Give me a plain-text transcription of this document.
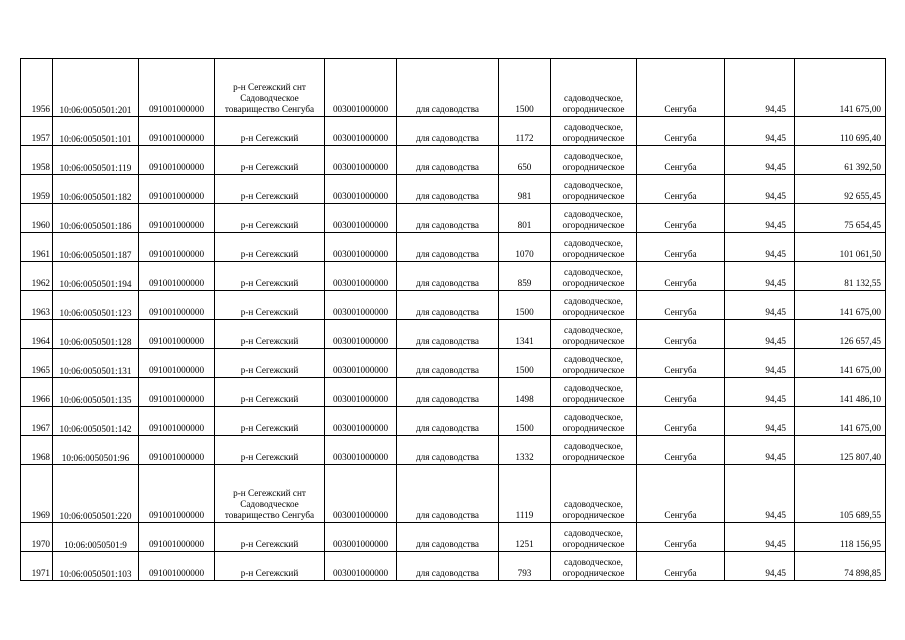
1956	10:06:0050501:201	091001000000	р-н Сегежский снт
Садоводческое
товарищество Сенгуба	003001000000	для садоводства	1500	садоводческое,
огородническое	Сенгуба	94,45	141 675,00
1957	10:06:0050501:101	091001000000	р-н Сегежский	003001000000	для садоводства	1172	садоводческое,
огородническое	Сенгуба	94,45	110 695,40
1958	10:06:0050501:119	091001000000	р-н Сегежский	003001000000	для садоводства	650	садоводческое,
огородническое	Сенгуба	94,45	61 392,50
1959	10:06:0050501:182	091001000000	р-н Сегежский	003001000000	для садоводства	981	садоводческое,
огородническое	Сенгуба	94,45	92 655,45
1960	10:06:0050501:186	091001000000	р-н Сегежский	003001000000	для садоводства	801	садоводческое,
огородническое	Сенгуба	94,45	75 654,45
1961	10:06:0050501:187	091001000000	р-н Сегежский	003001000000	для садоводства	1070	садоводческое,
огородническое	Сенгуба	94,45	101 061,50
1962	10:06:0050501:194	091001000000	р-н Сегежский	003001000000	для садоводства	859	садоводческое,
огородническое	Сенгуба	94,45	81 132,55
1963	10:06:0050501:123	091001000000	р-н Сегежский	003001000000	для садоводства	1500	садоводческое,
огородническое	Сенгуба	94,45	141 675,00
1964	10:06:0050501:128	091001000000	р-н Сегежский	003001000000	для садоводства	1341	садоводческое,
огородническое	Сенгуба	94,45	126 657,45
1965	10:06:0050501:131	091001000000	р-н Сегежский	003001000000	для садоводства	1500	садоводческое,
огородническое	Сенгуба	94,45	141 675,00
1966	10:06:0050501:135	091001000000	р-н Сегежский	003001000000	для садоводства	1498	садоводческое,
огородническое	Сенгуба	94,45	141 486,10
1967	10:06:0050501:142	091001000000	р-н Сегежский	003001000000	для садоводства	1500	садоводческое,
огородническое	Сенгуба	94,45	141 675,00
1968	10:06:0050501:96	091001000000	р-н Сегежский	003001000000	для садоводства	1332	садоводческое,
огородническое	Сенгуба	94,45	125 807,40
1969	10:06:0050501:220	091001000000	р-н Сегежский снт
Садоводческое
товарищество Сенгуба	003001000000	для садоводства	1119	садоводческое,
огородническое	Сенгуба	94,45	105 689,55
1970	10:06:0050501:9	091001000000	р-н Сегежский	003001000000	для садоводства	1251	садоводческое,
огородническое	Сенгуба	94,45	118 156,95
1971	10:06:0050501:103	091001000000	р-н Сегежский	003001000000	для садоводства	793	садоводческое,
огородническое	Сенгуба	94,45	74 898,85
